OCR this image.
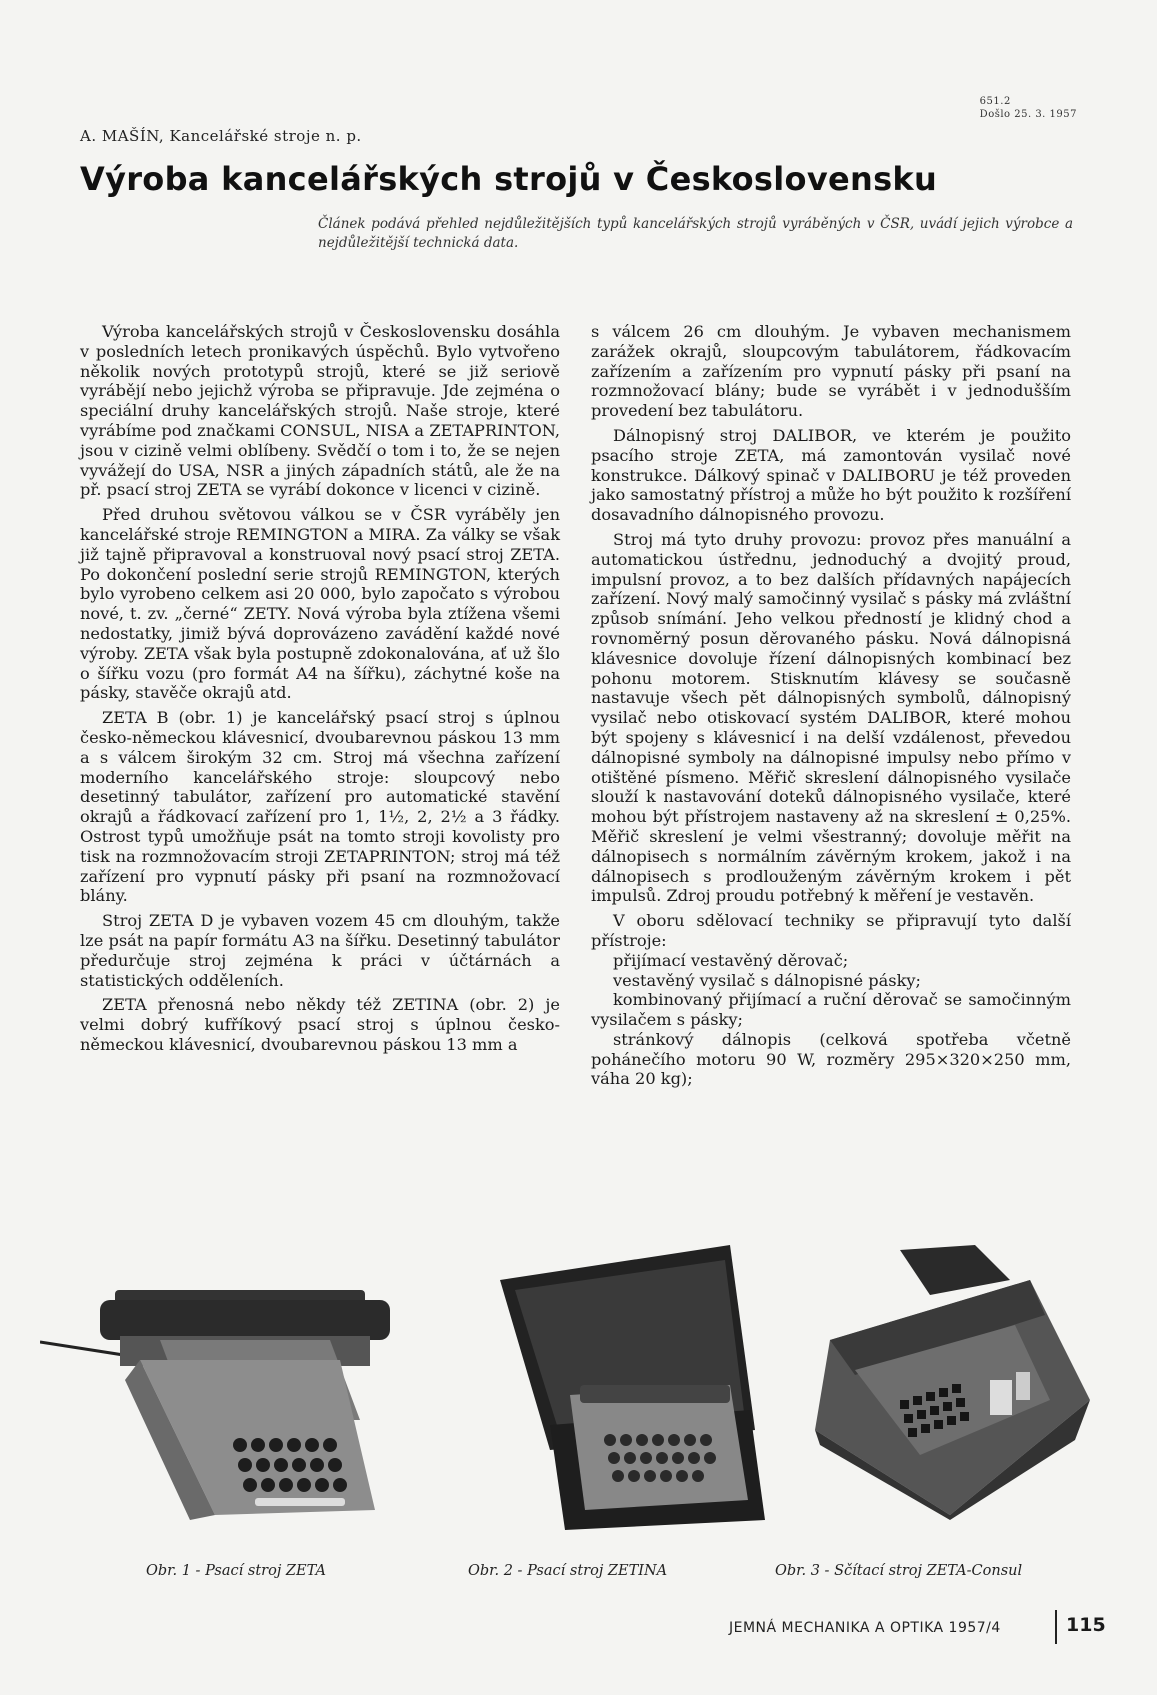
651.2
Došlo 25. 3. 1957
A. MAŠÍN, Kancelářské stroje n. p.
Výroba kancelářských strojů v Československu
Článek podává přehled nejdůležitějších typů kancelářských strojů vyráběných v ČSR, uvádí jejich výrobce a nejdůležitější technická data.

Výroba kancelářských strojů v Československu dosáhla v posledních letech pronikavých úspěchů. Bylo vytvořeno několik nových prototypů strojů, které se již seriově vyrábějí nebo jejichž výroba se připravuje. Jde zejména o speciální druhy kancelářských strojů. Naše stroje, které vyrábíme pod značkami CONSUL, NISA a ZETAPRINTON, jsou v cizině velmi oblíbeny. Svědčí o tom i to, že se nejen vyvážejí do USA, NSR a jiných západních států, ale že na př. psací stroj ZETA se vyrábí dokonce v licenci v cizině.

Před druhou světovou válkou se v ČSR vyráběly jen kancelářské stroje REMINGTON a MIRA. Za války se však již tajně připravoval a konstruoval nový psací stroj ZETA. Po dokončení poslední serie strojů REMINGTON, kterých bylo vyrobeno celkem asi 20 000, bylo započato s výrobou nové, t. zv. „černé“ ZETY. Nová výroba byla ztížena všemi nedostatky, jimiž bývá doprovázeno zavádění každé nové výroby. ZETA však byla postupně zdokonalována, ať už šlo o šířku vozu (pro formát A4 na šířku), záchytné koše na pásky, stavěče okrajů atd.

ZETA B (obr. 1) je kancelářský psací stroj s úplnou česko-německou klávesnicí, dvoubarevnou páskou 13 mm a s válcem širokým 32 cm. Stroj má všechna zařízení moderního kancelářského stroje: sloupcový nebo desetinný tabulátor, zařízení pro automatické stavění okrajů a řádkovací zařízení pro 1, 1½, 2, 2½ a 3 řádky. Ostrost typů umožňuje psát na tomto stroji kovolisty pro tisk na rozmnožovacím stroji ZETAPRINTON; stroj má též zařízení pro vypnutí pásky při psaní na rozmnožovací blány.

Stroj ZETA D je vybaven vozem 45 cm dlouhým, takže lze psát na papír formátu A3 na šířku. Desetinný tabulátor předurčuje stroj zejména k práci v účtárnách a statistických odděleních.

ZETA přenosná nebo někdy též ZETINA (obr. 2) je velmi dobrý kufříkový psací stroj s úplnou česko-německou klávesnicí, dvoubarevnou páskou 13 mm a

s válcem 26 cm dlouhým. Je vybaven mechanismem zarážek okrajů, sloupcovým tabulátorem, řádkovacím zařízením a zařízením pro vypnutí pásky při psaní na rozmnožovací blány; bude se vyrábět i v jednodušším provedení bez tabulátoru.

Dálnopisný stroj DALIBOR, ve kterém je použito psacího stroje ZETA, má zamontován vysilač nové konstrukce. Dálkový spinač v DALIBORU je též proveden jako samostatný přístroj a může ho být použito k rozšíření dosavadního dálnopisného provozu.

Stroj má tyto druhy provozu: provoz přes manuální a automatickou ústřednu, jednoduchý a dvojitý proud, impulsní provoz, a to bez dalších přídavných napájecích zařízení. Nový malý samočinný vysilač s pásky má zvláštní způsob snímání. Jeho velkou předností je klidný chod a rovnoměrný posun děrovaného pásku. Nová dálnopisná klávesnice dovoluje řízení dálnopisných kombinací bez pohonu motorem. Stisknutím klávesy se současně nastavuje všech pět dálnopisných symbolů, dálnopisný vysilač nebo otiskovací systém DALIBOR, které mohou být spojeny s klávesnicí i na delší vzdálenost, převedou dálnopisné symboly na dálnopisné impulsy nebo přímo v otištěné písmeno. Měřič skreslení dálnopisného vysilače slouží k nastavování doteků dálnopisného vysilače, které mohou být přístrojem nastaveny až na skreslení ± 0,25%. Měřič skreslení je velmi všestranný; dovoluje měřit na dálnopisech s normálním závěrným krokem, jakož i na dálnopisech s prodlouženým závěrným krokem i pět impulsů. Zdroj proudu potřebný k měření je vestavěn.

V oboru sdělovací techniky se připravují tyto další přístroje:

přijímací vestavěný děrovač;

vestavěný vysilač s dálnopisné pásky;

kombinovaný přijímací a ruční děrovač se samočinným vysilačem s pásky;

stránkový dálnopis (celková spotřeba včetně pohánečího motoru 90 W, rozměry 295×320×250 mm, váha 20 kg);

Obr. 1 - Psací stroj ZETA	Obr. 2 - Psací stroj ZETINA	Obr. 3 - Sčítací stroj ZETA-Consul
JEMNÁ MECHANIKA A OPTIKA 1957/4	115
